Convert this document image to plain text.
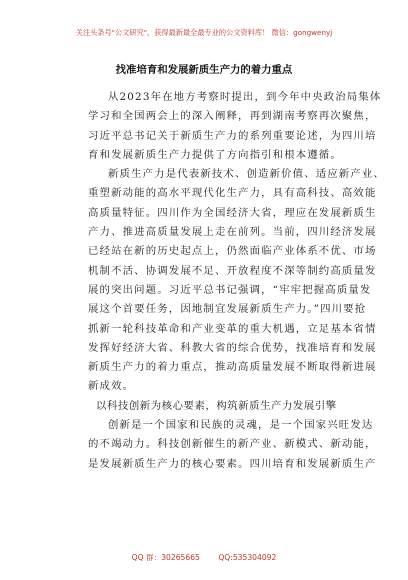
关注头条号"公文研究"，获得最新最全最专业的公文资料库！ 微信：gongwenyj
找准培育和发展新质生产力的着力重点
从2023年在地方考察时提出，到今年中央政治局集体
学习和全国两会上的深入阐释，再到湖南考察再次聚焦，
习近平总书记关于新质生产力的系列重要论述，为四川培
育和发展新质生产力提供了方向指引和根本遵循。
新质生产力是代表新技术、创造新价值、适应新产业、
重塑新动能的高水平现代化生产力，具有高科技、高效能
高质量特征。四川作为全国经济大省，理应在发展新质生
产力、推进高质量发展上走在前列。当前，四川经济发展
已经站在新的历史起点上，仍然面临产业体系不优、市场
机制不活、协调发展不足、开放程度不深等制约高质量发
展的突出问题。习近平总书记强调，“牢牢把握高质量发
展这个首要任务，因地制宜发展新质生产力。”四川要抢
抓新一轮科技革命和产业变革的重大机遇，立足基本省情
发挥好经济大省、科教大省的综合优势，找准培育和发展
新质生产力的着力重点，推动高质量发展不断取得新进展
新成效。
以科技创新为核心要素，构筑新质生产力发展引擎
创新是一个国家和民族的灵魂，是一个国家兴旺发达
的不竭动力。科技创新催生的新产业、新模式、新动能，
是发展新质生产力的核心要素。四川培育和发展新质生产
QQ 群：30265665 QQ:535304092
